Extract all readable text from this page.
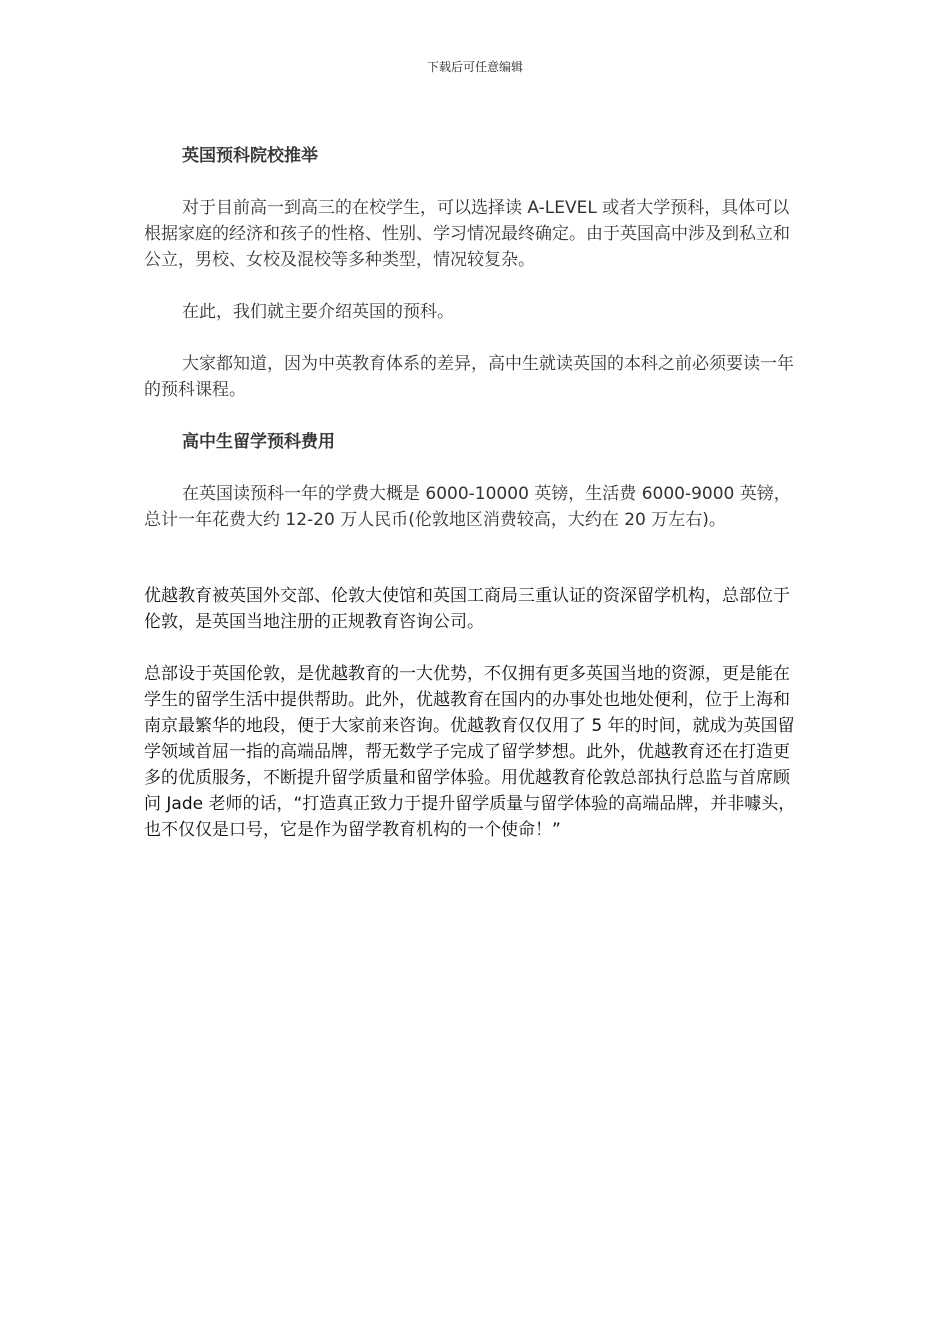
下载后可任意编辑

英国预科院校推举

对于目前高一到高三的在校学生，可以选择读 A-LEVEL 或者大学预科，具体可以根据家庭的经济和孩子的性格、性别、学习情况最终确定。由于英国高中涉及到私立和公立，男校、女校及混校等多种类型，情况较复杂。

在此，我们就主要介绍英国的预科。

大家都知道，因为中英教育体系的差异，高中生就读英国的本科之前必须要读一年的预科课程。

高中生留学预科费用

在英国读预科一年的学费大概是 6000-10000 英镑，生活费 6000-9000 英镑，总计一年花费大约 12-20 万人民币(伦敦地区消费较高，大约在 20 万左右)。

优越教育被英国外交部、伦敦大使馆和英国工商局三重认证的资深留学机构，总部位于伦敦，是英国当地注册的正规教育咨询公司。

总部设于英国伦敦，是优越教育的一大优势，不仅拥有更多英国当地的资源，更是能在学生的留学生活中提供帮助。此外，优越教育在国内的办事处也地处便利，位于上海和南京最繁华的地段，便于大家前来咨询。优越教育仅仅用了 5 年的时间，就成为英国留学领域首屈一指的高端品牌，帮无数学子完成了留学梦想。此外，优越教育还在打造更多的优质服务，不断提升留学质量和留学体验。用优越教育伦敦总部执行总监与首席顾问 Jade 老师的话，“打造真正致力于提升留学质量与留学体验的高端品牌，并非噱头，也不仅仅是口号，它是作为留学教育机构的一个使命！”
